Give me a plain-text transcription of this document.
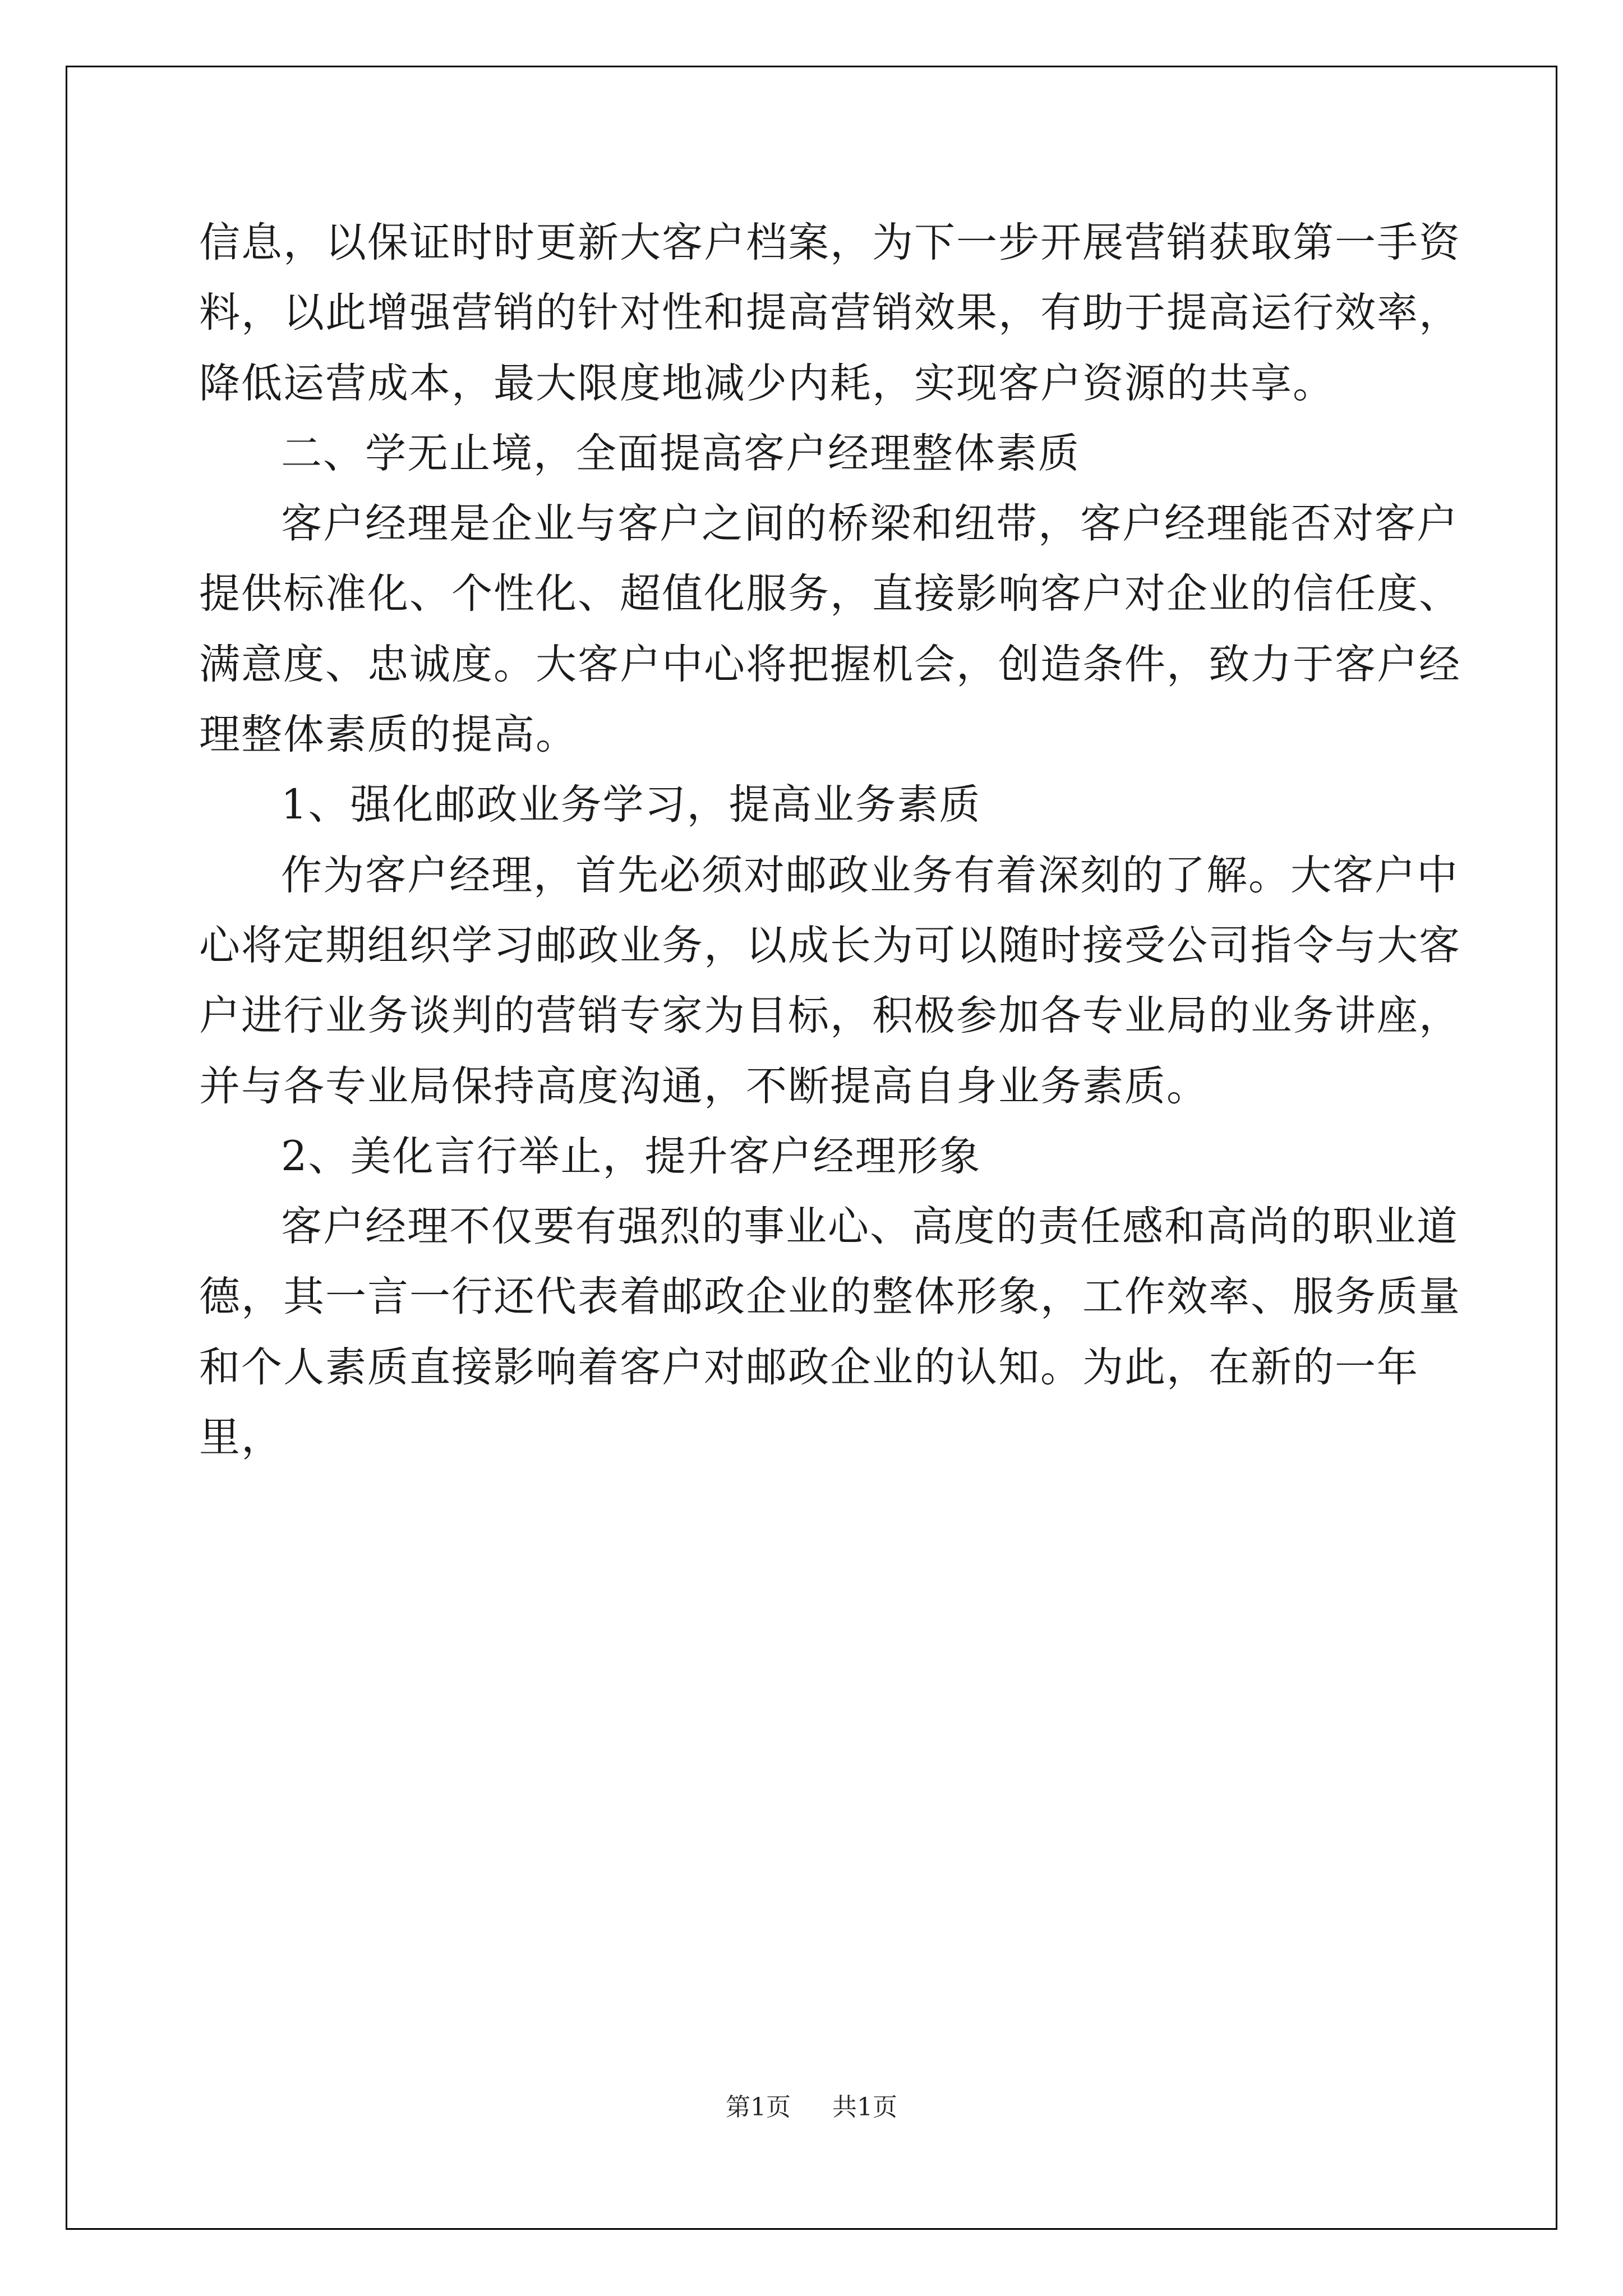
信息，以保证时时更新大客户档案，为下一步开展营销获取第一手资料，以此增强营销的针对性和提高营销效果，有助于提高运行效率，降低运营成本，最大限度地减少内耗，实现客户资源的共享。

二、学无止境，全面提高客户经理整体素质

客户经理是企业与客户之间的桥梁和纽带，客户经理能否对客户提供标准化、个性化、超值化服务，直接影响客户对企业的信任度、满意度、忠诚度。大客户中心将把握机会，创造条件，致力于客户经理整体素质的提高。

1、强化邮政业务学习，提高业务素质

作为客户经理，首先必须对邮政业务有着深刻的了解。大客户中心将定期组织学习邮政业务，以成长为可以随时接受公司指令与大客户进行业务谈判的营销专家为目标，积极参加各专业局的业务讲座，并与各专业局保持高度沟通，不断提高自身业务素质。

2、美化言行举止，提升客户经理形象

客户经理不仅要有强烈的事业心、高度的责任感和高尚的职业道德，其一言一行还代表着邮政企业的整体形象，工作效率、服务质量和个人素质直接影响着客户对邮政企业的认知。为此，在新的一年里，

第1页 共1页
